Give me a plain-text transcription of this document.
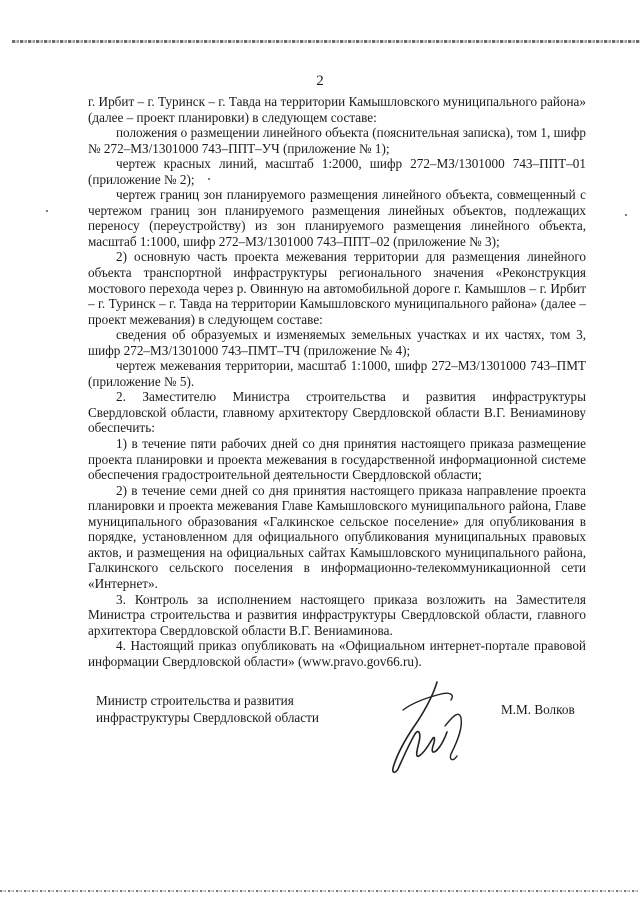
2

г. Ирбит – г. Туринск – г. Тавда на территории Камышловского муниципального района» (далее – проект планировки) в следующем составе:

положения о размещении линейного объекта (пояснительная записка), том 1, шифр № 272–МЗ/1301000 743–ППТ–УЧ (приложение № 1);

чертеж красных линий, масштаб 1:2000, шифр 272–МЗ/1301000 743–ППТ–01 (приложение № 2);

чертеж границ зон планируемого размещения линейного объекта, совмещенный с чертежом границ зон планируемого размещения линейных объектов, подлежащих переносу (переустройству) из зон планируемого размещения линейного объекта, масштаб 1:1000, шифр 272–МЗ/1301000 743–ППТ–02 (приложение № 3);

2) основную часть проекта межевания территории для размещения линейного объекта транспортной инфраструктуры регионального значения «Реконструкция мостового перехода через р. Овинную на автомобильной дороге г. Камышлов – г. Ирбит – г. Туринск – г. Тавда на территории Камышловского муниципального района» (далее – проект межевания) в следующем составе:

сведения об образуемых и изменяемых земельных участках и их частях, том 3, шифр 272–МЗ/1301000 743–ПМТ–ТЧ (приложение № 4);

чертеж межевания территории, масштаб 1:1000, шифр 272–МЗ/1301000 743–ПМТ (приложение № 5).

2. Заместителю Министра строительства и развития инфраструктуры Свердловской области, главному архитектору Свердловской области В.Г. Вениаминову обеспечить:

1) в течение пяти рабочих дней со дня принятия настоящего приказа размещение проекта планировки и проекта межевания в государственной информационной системе обеспечения градостроительной деятельности Свердловской области;

2) в течение семи дней со дня принятия настоящего приказа направление проекта планировки и проекта межевания Главе Камышловского муниципального района, Главе муниципального образования «Галкинское сельское поселение» для опубликования в порядке, установленном для официального опубликования муниципальных правовых актов, и размещения на официальных сайтах Камышловского муниципального района, Галкинского сельского поселения в информационно-телекоммуникационной сети «Интернет».

3. Контроль за исполнением настоящего приказа возложить на Заместителя Министра строительства и развития инфраструктуры Свердловской области, главного архитектора Свердловской области В.Г. Вениаминова.

4. Настоящий приказ опубликовать на «Официальном интернет-портале правовой информации Свердловской области» (www.pravo.gov66.ru).

Министр строительства и развития
инфраструктуры Свердловской области
М.М. Волков
